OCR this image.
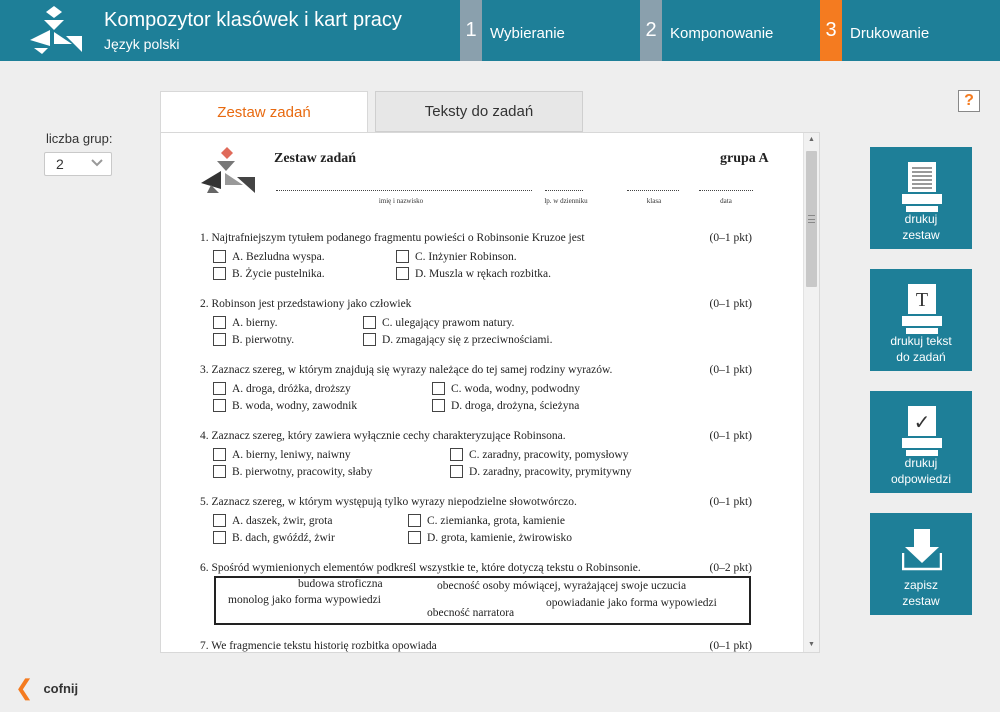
Kompozytor klasówek i kart pracy
Język polski
1 Wybieranie	2 Komponowanie	3 Drukowanie
liczba grup:
2
Teksty do zadań
Zestaw zadań
Zestaw zadań	grupa A
imię i nazwisko	lp. w dzienniku	klasa	data
1. Najtrafniejszym tytułem podanego fragmentu powieści o Robinsonie Kruzoe jest	(0–1 pkt)
A. Bezludna wyspa.
B. Życie pustelnika.
C. Inżynier Robinson.
D. Muszla w rękach rozbitka.
2. Robinson jest przedstawiony jako człowiek	(0–1 pkt)
A. bierny.
B. pierwotny.
C. ulegający prawom natury.
D. zmagający się z przeciwnościami.
3. Zaznacz szereg, w którym znajdują się wyrazy należące do tej samej rodziny wyrazów.	(0–1 pkt)
A. droga, dróżka, droższy
B. woda, wodny, zawodnik
C. woda, wodny, podwodny
D. droga, drożyna, ścieżyna
4. Zaznacz szereg, który zawiera wyłącznie cechy charakteryzujące Robinsona.	(0–1 pkt)
A. bierny, leniwy, naiwny
B. pierwotny, pracowity, słaby
C. zaradny, pracowity, pomysłowy
D. zaradny, pracowity, prymitywny
5. Zaznacz szereg, w którym występują tylko wyrazy niepodzielne słowotwórczo.	(0–1 pkt)
A. daszek, żwir, grota
B. dach, gwóźdź, żwir
C. ziemianka, grota, kamienie
D. grota, kamienie, żwirowisko
6. Spośród wymienionych elementów podkreśl wszystkie te, które dotyczą tekstu o Robinsonie.	(0–2 pkt)
budowa stroficzna	obecność osoby mówiącej, wyrażającej swoje uczucia
monolog jako forma wypowiedzi	opowiadanie jako forma wypowiedzi
obecność narratora
7. We fragmencie tekstu historię rozbitka opowiada	(0–1 pkt)
▲
▼
?
drukuj
zestaw
T
drukuj tekst
do zadań
✓
drukuj
odpowiedzi
zapisz
zestaw
❮ cofnij
